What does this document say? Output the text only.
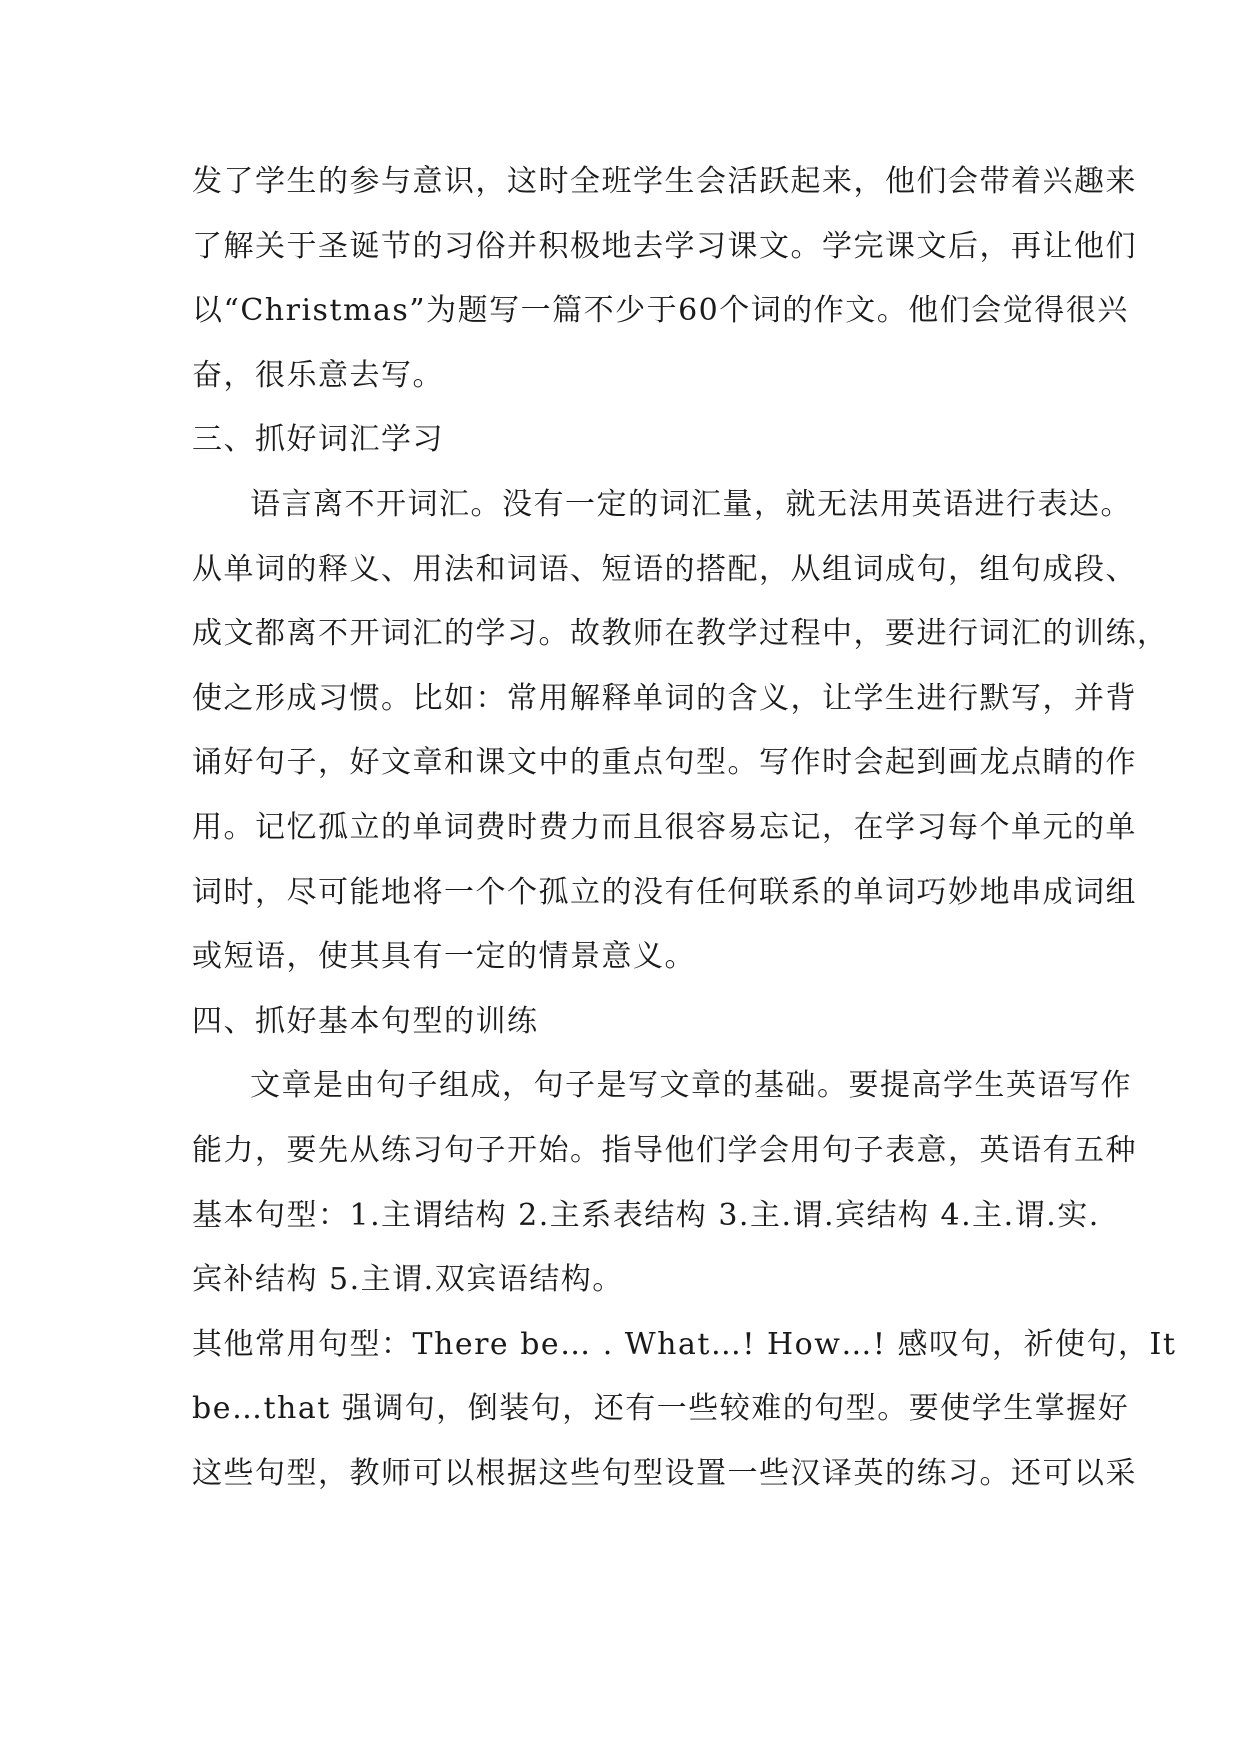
发了学生的参与意识，这时全班学生会活跃起来，他们会带着兴趣来
了解关于圣诞节的习俗并积极地去学习课文。学完课文后，再让他们
以“Christmas”为题写一篇不少于60个词的作文。他们会觉得很兴
奋，很乐意去写。
三、抓好词汇学习
语言离不开词汇。没有一定的词汇量，就无法用英语进行表达。
从单词的释义、用法和词语、短语的搭配，从组词成句，组句成段、
成文都离不开词汇的学习。故教师在教学过程中，要进行词汇的训练，
使之形成习惯。比如：常用解释单词的含义，让学生进行默写，并背
诵好句子，好文章和课文中的重点句型。写作时会起到画龙点睛的作
用。记忆孤立的单词费时费力而且很容易忘记，在学习每个单元的单
词时，尽可能地将一个个孤立的没有任何联系的单词巧妙地串成词组
或短语，使其具有一定的情景意义。
四、抓好基本句型的训练
文章是由句子组成，句子是写文章的基础。要提高学生英语写作
能力，要先从练习句子开始。指导他们学会用句子表意，英语有五种
基本句型：1.主谓结构 2.主系表结构 3.主.谓.宾结构 4.主.谓.实.
宾补结构 5.主谓.双宾语结构。
其他常用句型：There be… . What…! How…! 感叹句，祈使句，It
be…that 强调句，倒装句，还有一些较难的句型。要使学生掌握好
这些句型，教师可以根据这些句型设置一些汉译英的练习。还可以采
